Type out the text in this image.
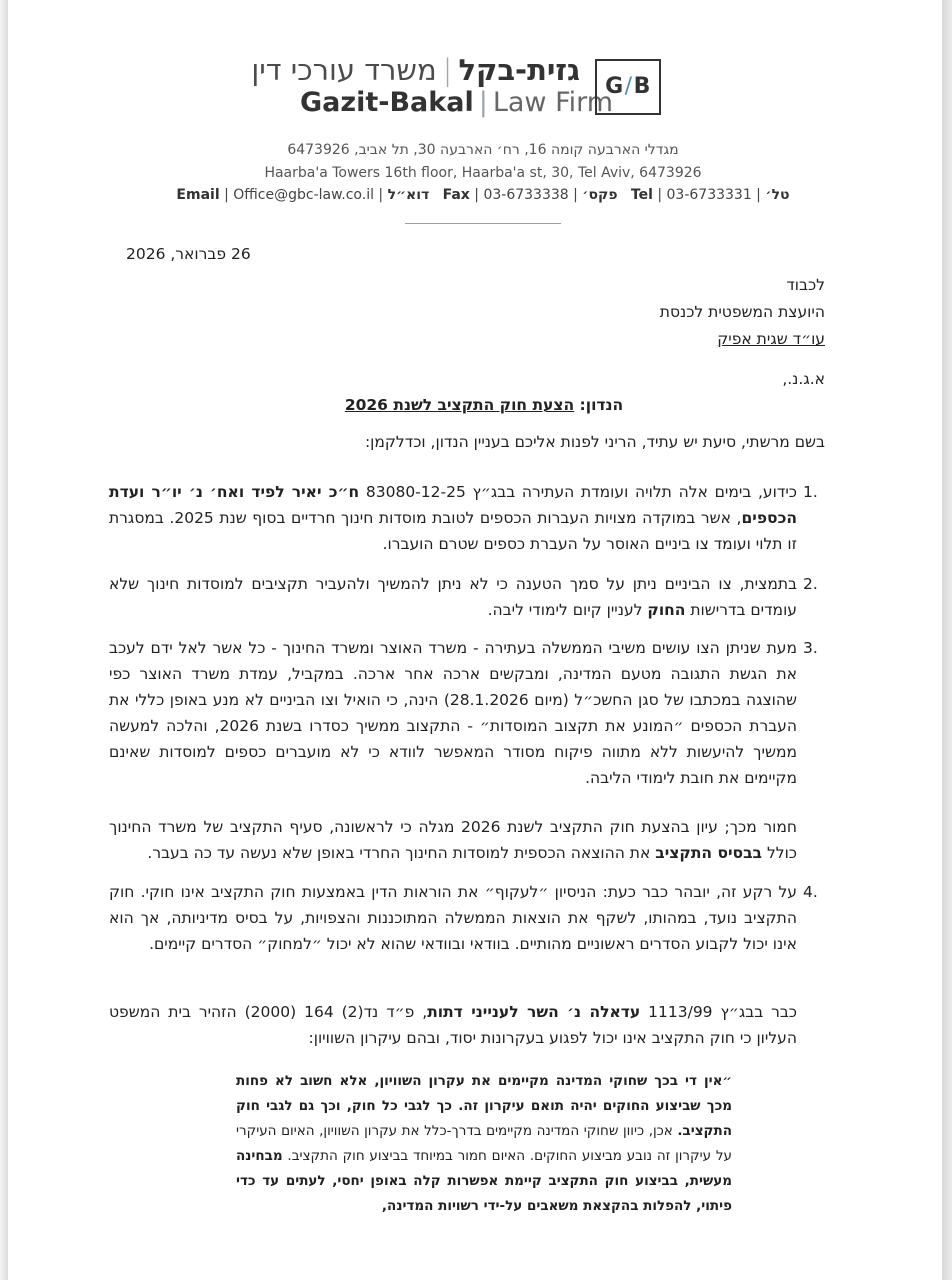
גזית-בקל|משרד עורכי דין
Gazit-Bakal | Law Firm
G/B
מגדלי הארבעה קומה 16, רח׳ הארבעה 30, תל אביב, 6473926
Haarba'a Towers 16th floor, Haarba'a st, 30, Tel Aviv, 6473926
Email | Office@gbc-law.co.il | דוא״ל Fax | 03-6733338 | פקס׳ Tel | 03-6733331 | טל׳
26 פברואר, 2026
לכבוד
היועצת המשפטית לכנסת
עו״ד שגית אפיק
א.ג.נ.,
הנדון: הצעת חוק התקציב לשנת 2026
בשם מרשתי, סיעת יש עתיד, הריני לפנות אליכם בעניין הנדון, וכדלקמן:
1.
כידוע, בימים אלה תלויה ועומדת העתירה בבג״ץ 83080-12-25 ח״כ יאיר לפיד ואח׳ נ׳ יו״ר ועדת הכספים, אשר במוקדה מצויות העברות הכספים לטובת מוסדות חינוך חרדיים בסוף שנת 2025. במסגרת זו תלוי ועומד צו ביניים האוסר על העברת כספים שטרם הועברו.
2.
בתמצית, צו הביניים ניתן על סמך הטענה כי לא ניתן להמשיך ולהעביר תקציבים למוסדות חינוך שלא עומדים בדרישות החוק לעניין קיום לימודי ליבה.
3.
מעת שניתן הצו עושים משיבי הממשלה בעתירה - משרד האוצר ומשרד החינוך - כל אשר לאל ידם לעכב את הגשת התגובה מטעם המדינה, ומבקשים ארכה אחר ארכה. במקביל, עמדת משרד האוצר כפי שהוצגה במכתבו של סגן החשכ״ל (מיום 28.1.2026) הינה, כי הואיל וצו הביניים לא מנע באופן כללי את העברת הכספים ״המונע את תקצוב המוסדות״ - התקצוב ממשיך כסדרו בשנת 2026, והלכה למעשה ממשיך להיעשות ללא מתווה פיקוח מסודר המאפשר לוודא כי לא מועברים כספים למוסדות שאינם מקיימים את חובת לימודי הליבה.
חמור מכך; עיון בהצעת חוק התקציב לשנת 2026 מגלה כי לראשונה, סעיף התקציב של משרד החינוך כולל בבסיס התקציב את ההוצאה הכספית למוסדות החינוך החרדי באופן שלא נעשה עד כה בעבר.
4.
על רקע זה, יובהר כבר כעת: הניסיון ״לעקוף״ את הוראות הדין באמצעות חוק התקציב אינו חוקי. חוק התקציב נועד, במהותו, לשקף את הוצאות הממשלה המתוכננות והצפויות, על בסיס מדיניותה, אך הוא אינו יכול לקבוע הסדרים ראשוניים מהותיים. בוודאי ובוודאי שהוא לא יכול ״למחוק״ הסדרים קיימים.
כבר בבג״ץ 1113/99 עדאלה נ׳ השר לענייני דתות, פ״ד נד(2) 164 (2000) הזהיר בית המשפט העליון כי חוק התקציב אינו יכול לפגוע בעקרונות יסוד, ובהם עיקרון השוויון:
״אין די בכך שחוקי המדינה מקיימים את עקרון השוויון, אלא חשוב לא פחות מכך שביצוע החוקים יהיה תואם עיקרון זה. כך לגבי כל חוק, וכך גם לגבי חוק התקציב. אכן, כיוון שחוקי המדינה מקיימים בדרך-כלל את עקרון השוויון, האיום העיקרי על עיקרון זה נובע מביצוע החוקים. האיום חמור במיוחד בביצוע חוק התקציב. מבחינה מעשית, בביצוע חוק התקציב קיימת אפשרות קלה באופן יחסי, לעתים עד כדי פיתוי, להפלות בהקצאת משאבים על-ידי רשויות המדינה,
